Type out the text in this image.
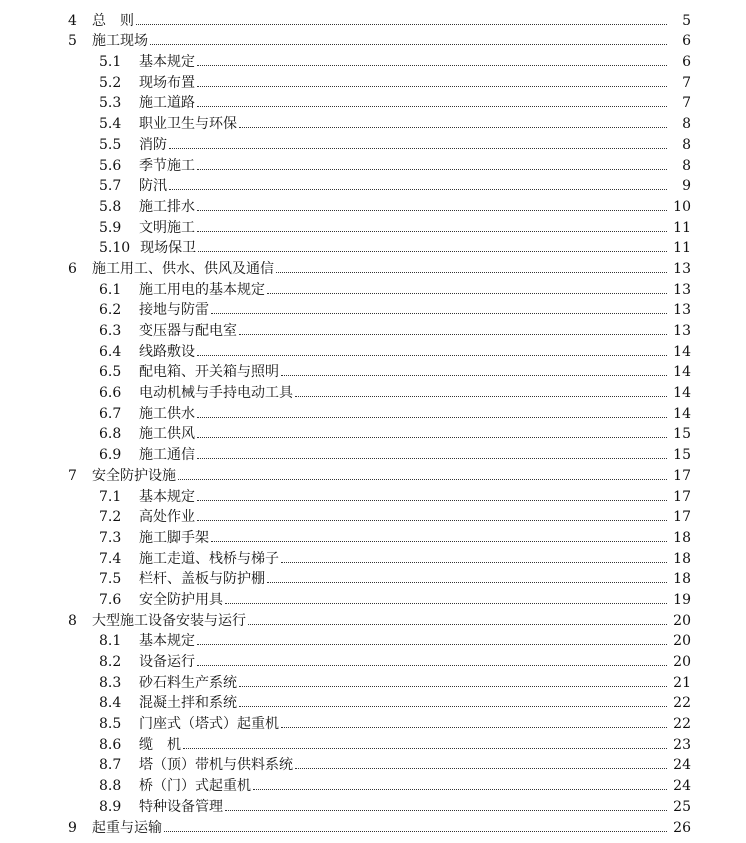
4	总　则	5
5	施工现场	6
5.1	基本规定	6
5.2	现场布置	7
5.3	施工道路	7
5.4	职业卫生与环保	8
5.5	消防	8
5.6	季节施工	8
5.7	防汛	9
5.8	施工排水	10
5.9	文明施工	11
5.10 现场保卫	11
6	施工用工、供水、供风及通信	13
6.1	施工用电的基本规定	13
6.2	接地与防雷	13
6.3	变压器与配电室	13
6.4	线路敷设	14
6.5	配电箱、开关箱与照明	14
6.6	电动机械与手持电动工具	14
6.7	施工供水	14
6.8	施工供风	15
6.9	施工通信	15
7	安全防护设施	17
7.1	基本规定	17
7.2	高处作业	17
7.3	施工脚手架	18
7.4	施工走道、栈桥与梯子	18
7.5	栏杆、盖板与防护棚	18
7.6	安全防护用具	19
8	大型施工设备安装与运行	20
8.1	基本规定	20
8.2	设备运行	20
8.3	砂石料生产系统	21
8.4	混凝土拌和系统	22
8.5	门座式（塔式）起重机	22
8.6	缆　机	23
8.7	塔（顶）带机与供料系统	24
8.8	桥（门）式起重机	24
8.9	特种设备管理	25
9	起重与运输	26
